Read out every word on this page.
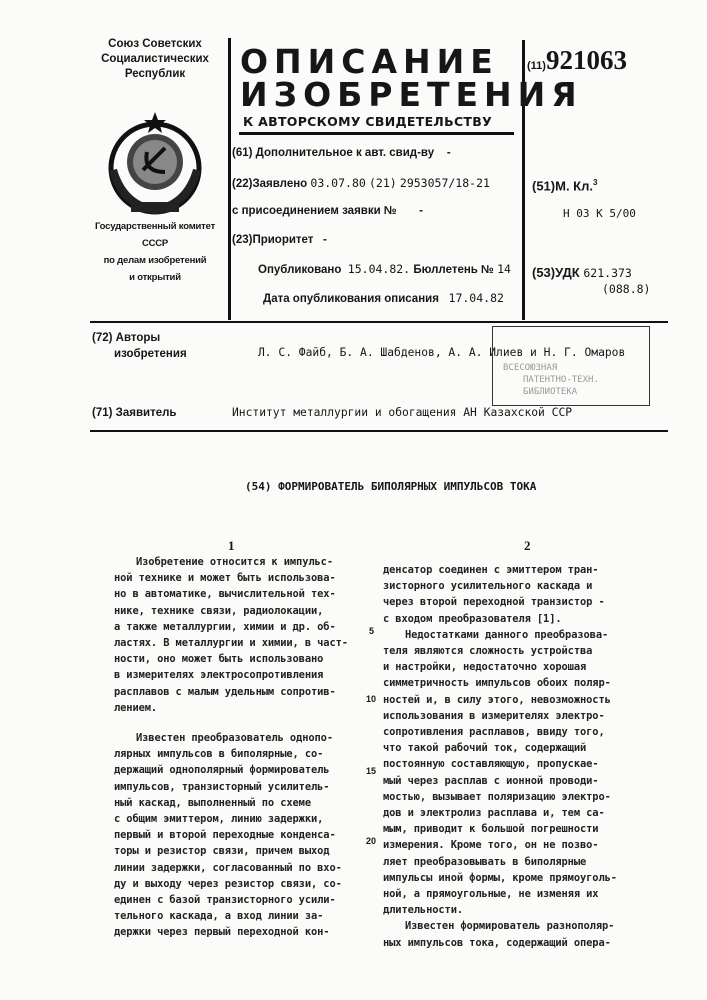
Союз Советских
Социалистических
Республик
Государственный комитет
СССР
по делам изобретений
и открытий
ОПИСАНИЕ
ИЗОБРЕТЕНИЯ
К АВТОРСКОМУ СВИДЕТЕЛЬСТВУ
(11)921063
(61) Дополнительное к авт. свид-ву -
(22)Заявлено 03.07.80 (21) 2953057/18-21
с присоединением заявки № -
(23)Приоритет -
Опубликовано 15.04.82. Бюллетень № 14
Дата опубликования описания 17.04.82
(51)М. Кл.3
Н 03 К 5/00
(53)УДК 621.373
(088.8)
(72) Авторы
изобретения	Л. С. Файб, Б. А. Шабденов, А. А. Илиев и Н. Г. Омаров
(71) Заявитель	Институт металлургии и обогащения АН Казахской ССР
ВСЕСОЮЗНАЯ
ПАТЕНТНО-ТЕХН.
БИБЛИОТЕКА
(54) ФОРМИРОВАТЕЛЬ БИПОЛЯРНЫХ ИМПУЛЬСОВ ТОКА
1	2
Изобретение относится к импульс-
ной технике и может быть использова-
но в автоматике, вычислительной тех-
нике, технике связи, радиолокации,
а также металлургии, химии и др. об-
ластях. В металлургии и химии, в част-
ности, оно может быть использовано
в измерителях электросопротивления
расплавов с малым удельным сопротив-
лением.
Известен преобразователь однопо-
лярных импульсов в биполярные, со-
держащий однополярный формирователь
импульсов, транзисторный усилитель-
ный каскад, выполненный по схеме
с общим эмиттером, линию задержки,
первый и второй переходные конденса-
торы и резистор связи, причем выход
линии задержки, согласованный по вхо-
ду и выходу через резистор связи, со-
единен с базой транзисторного усили-
тельного каскада, а вход линии за-
держки через первый переходной кон-
денсатор соединен с эмиттером тран-
зисторного усилительного каскада и
через второй переходной транзистор -
с входом преобразователя [1].
Недостатками данного преобразова-
теля являются сложность устройства
и настройки, недостаточно хорошая
симметричность импульсов обоих поляр-
ностей и, в силу этого, невозможность
использования в измерителях электро-
сопротивления расплавов, ввиду того,
что такой рабочий ток, содержащий
постоянную составляющую, пропускае-
мый через расплав с ионной проводи-
мостью, вызывает поляризацию электро-
дов и электролиз расплава и, тем са-
мым, приводит к большой погрешности
измерения. Кроме того, он не позво-
ляет преобразовывать в биполярные
импульсы иной формы, кроме прямоуголь-
ной, а прямоугольные, не изменяя их
длительности.
Известен формирователь разнополяр-
ных импульсов тока, содержащий опера-
5
10
15
20
